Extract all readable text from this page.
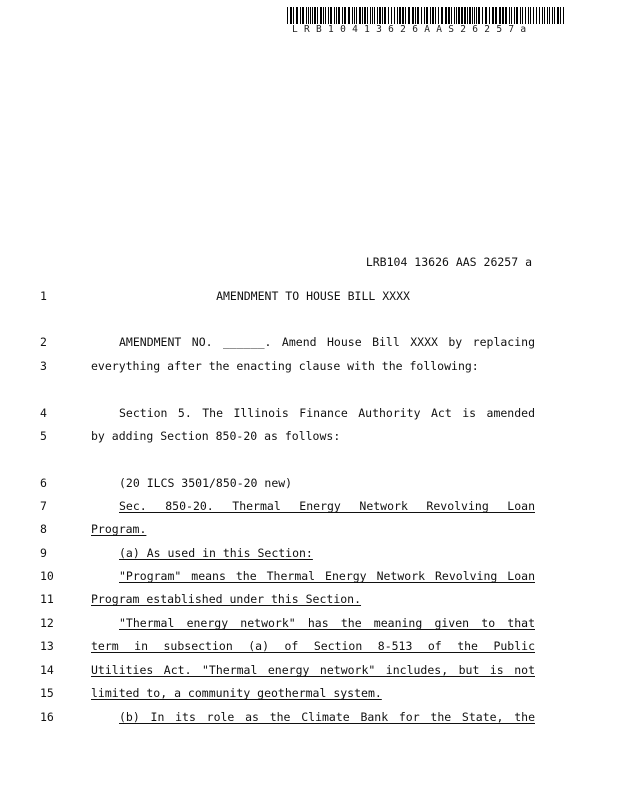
LRB10413626AAS26257a
LRB104 13626 AAS 26257 a
1	AMENDMENT TO HOUSE BILL XXXX
2	AMENDMENT NO. ______. Amend House Bill XXXX by replacing
3	everything after the enacting clause with the following:
4	Section 5. The Illinois Finance Authority Act is amended
5	by adding Section 850-20 as follows:
6	(20 ILCS 3501/850-20 new)
7	Sec. 850-20. Thermal Energy Network Revolving Loan
8	Program.
9	(a) As used in this Section:
10	"Program" means the Thermal Energy Network Revolving Loan
11	Program established under this Section.
12	"Thermal energy network" has the meaning given to that
13	term in subsection (a) of Section 8-513 of the Public
14	Utilities Act. "Thermal energy network" includes, but is not
15	limited to, a community geothermal system.
16	(b) In its role as the Climate Bank for the State, the
